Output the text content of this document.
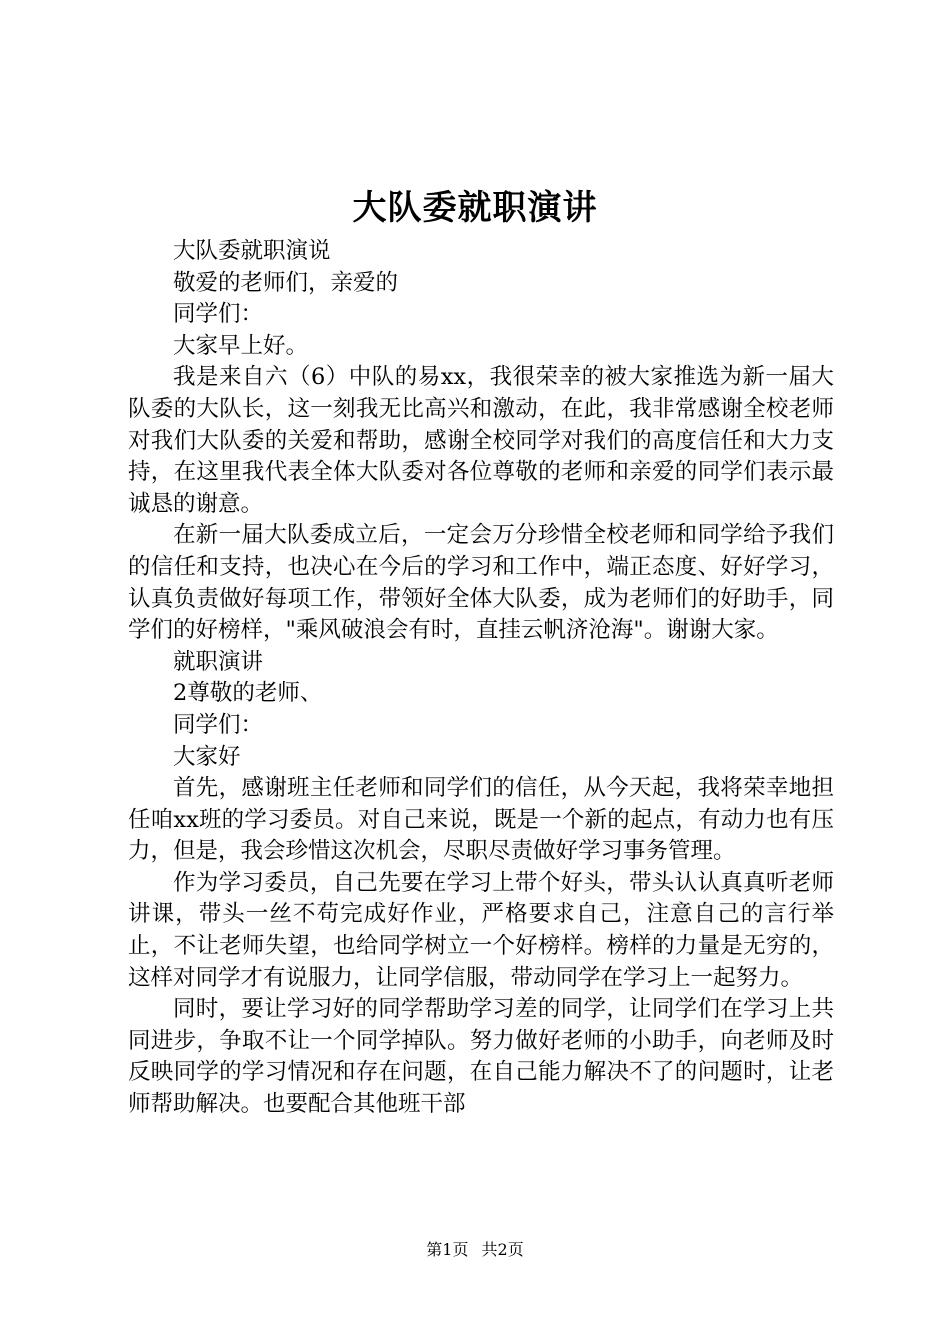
大队委就职演讲

大队委就职演说

敬爱的老师们，亲爱的

同学们：

大家早上好。

我是来自六（6）中队的易xx，我很荣幸的被大家推选为新一届大队委的大队长，这一刻我无比高兴和激动，在此，我非常感谢全校老师对我们大队委的关爱和帮助，感谢全校同学对我们的高度信任和大力支持，在这里我代表全体大队委对各位尊敬的老师和亲爱的同学们表示最诚恳的谢意。

在新一届大队委成立后，一定会万分珍惜全校老师和同学给予我们的信任和支持，也决心在今后的学习和工作中，端正态度、好好学习，认真负责做好每项工作，带领好全体大队委，成为老师们的好助手，同学们的好榜样，"乘风破浪会有时，直挂云帆济沧海"。谢谢大家。

就职演讲

2尊敬的老师、

同学们：

大家好

首先，感谢班主任老师和同学们的信任，从今天起，我将荣幸地担任咱xx班的学习委员。对自己来说，既是一个新的起点，有动力也有压力，但是，我会珍惜这次机会，尽职尽责做好学习事务管理。

作为学习委员，自己先要在学习上带个好头，带头认认真真听老师讲课，带头一丝不苟完成好作业，严格要求自己，注意自己的言行举止，不让老师失望，也给同学树立一个好榜样。榜样的力量是无穷的，这样对同学才有说服力，让同学信服，带动同学在学习上一起努力。

同时，要让学习好的同学帮助学习差的同学，让同学们在学习上共同进步，争取不让一个同学掉队。努力做好老师的小助手，向老师及时反映同学的学习情况和存在问题，在自己能力解决不了的问题时，让老师帮助解决。也要配合其他班干部

第1页 共2页
